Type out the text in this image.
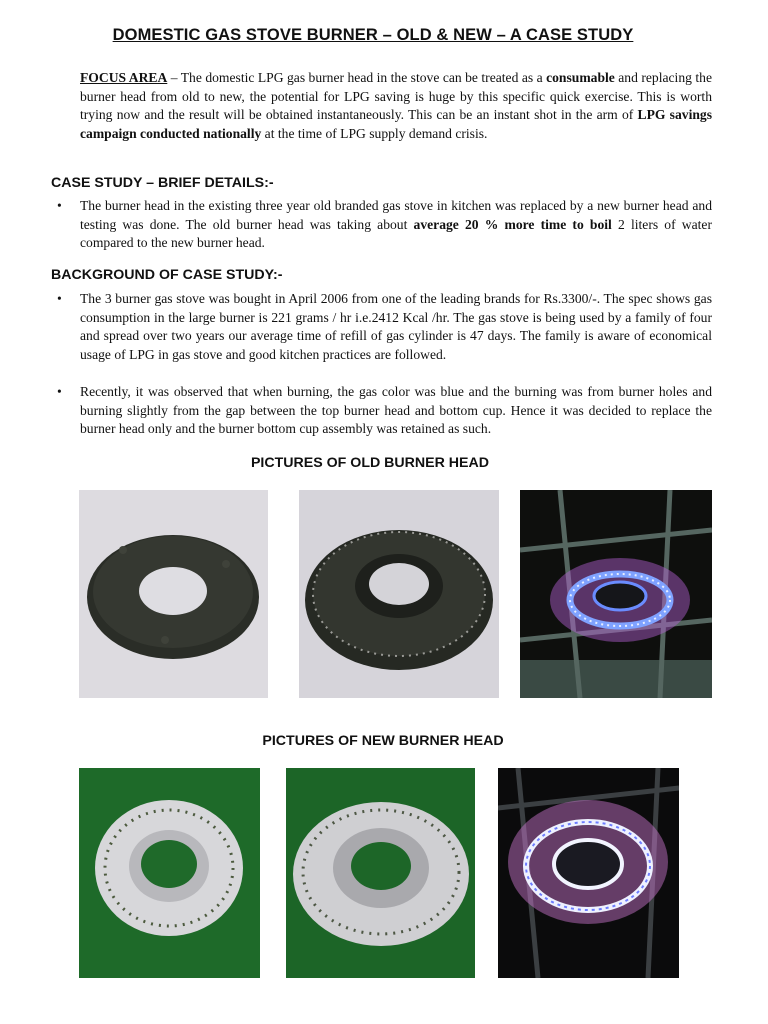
DOMESTIC GAS STOVE BURNER – OLD & NEW – A CASE STUDY
FOCUS AREA – The domestic LPG gas burner head in the stove can be treated as a consumable and replacing the burner head from old to new, the potential for LPG saving is huge by this specific quick exercise. This is worth trying now and the result will be obtained instantaneously. This can be an instant shot in the arm of LPG savings campaign conducted nationally at the time of LPG supply demand crisis.
CASE STUDY – BRIEF DETAILS:-
• The burner head in the existing three year old branded gas stove in kitchen was replaced by a new burner head and testing was done. The old burner head was taking about average 20 % more time to boil 2 liters of water compared to the new burner head.
BACKGROUND OF CASE STUDY:-
• The 3 burner gas stove was bought in April 2006 from one of the leading brands for Rs.3300/-. The spec shows gas consumption in the large burner is 221 grams / hr i.e.2412 Kcal /hr. The gas stove is being used by a family of four and spread over two years our average time of refill of gas cylinder is 47 days. The family is aware of economical usage of LPG in gas stove and good kitchen practices are followed.
• Recently, it was observed that when burning, the gas color was blue and the burning was from burner holes and burning slightly from the gap between the top burner head and bottom cup. Hence it was decided to replace the burner head only and the burner bottom cup assembly was retained as such.
PICTURES OF OLD BURNER HEAD
PICTURES OF NEW BURNER HEAD
